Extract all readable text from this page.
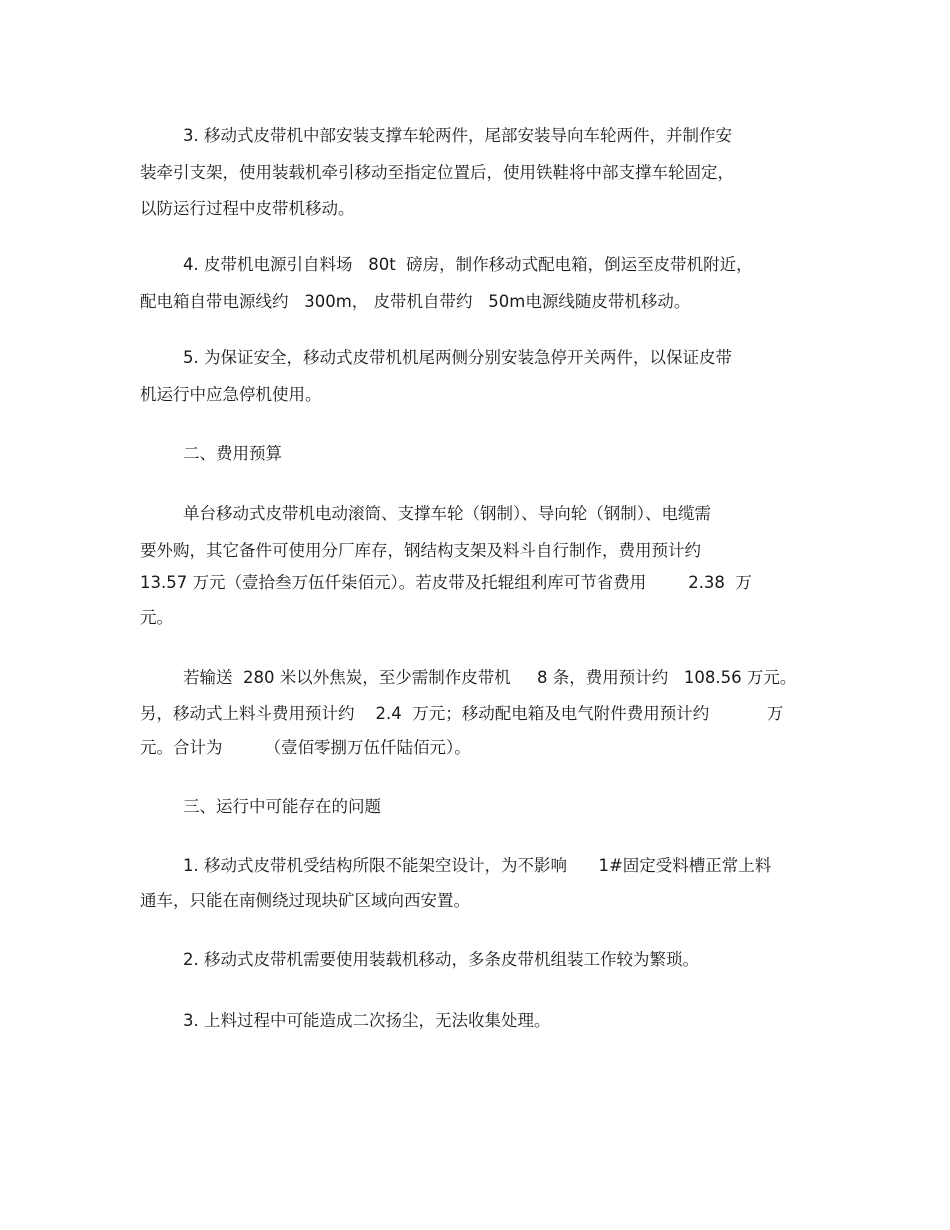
3. 移动式皮带机中部安装支撑车轮两件，尾部安装导向车轮两件，并制作安

装牵引支架，使用装载机牵引移动至指定位置后，使用铁鞋将中部支撑车轮固定，

以防运行过程中皮带机移动。

4. 皮带机电源引自料场   80t  磅房，制作移动式配电箱，倒运至皮带机附近，

配电箱自带电源线约   300m， 皮带机自带约   50m电源线随皮带机移动。

5. 为保证安全，移动式皮带机机尾两侧分别安装急停开关两件，以保证皮带

机运行中应急停机使用。

二、费用预算

单台移动式皮带机电动滚筒、支撑车轮（钢制）、导向轮（钢制）、电缆需

要外购，其它备件可使用分厂库存，钢结构支架及料斗自行制作，费用预计约

13.57 万元（壹拾叁万伍仟柒佰元）。若皮带及托辊组利库可节省费用        2.38  万

元。

若输送  280 米以外焦炭，至少需制作皮带机     8 条，费用预计约   108.56 万元。

另，移动式上料斗费用预计约    2.4  万元；移动配电箱及电气附件费用预计约           万

元。合计为        （壹佰零捌万伍仟陆佰元）。

三、运行中可能存在的问题

1. 移动式皮带机受结构所限不能架空设计，为不影响      1#固定受料槽正常上料

通车，只能在南侧绕过现块矿区域向西安置。

2. 移动式皮带机需要使用装载机移动，多条皮带机组装工作较为繁琐。

3. 上料过程中可能造成二次扬尘，无法收集处理。
